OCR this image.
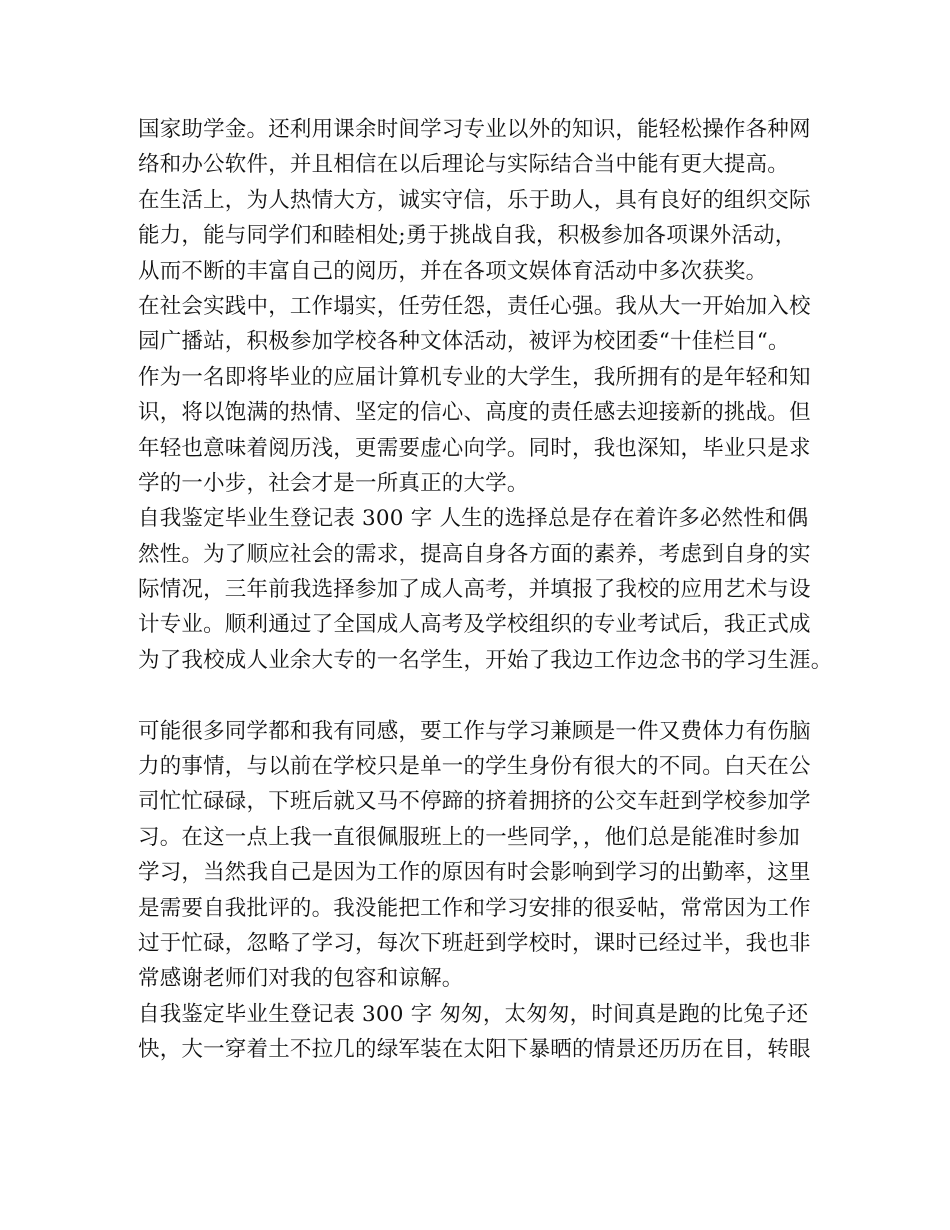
国家助学金。还利用课余时间学习专业以外的知识，能轻松操作各种网
络和办公软件，并且相信在以后理论与实际结合当中能有更大提高。
在生活上，为人热情大方，诚实守信，乐于助人，具有良好的组织交际
能力，能与同学们和睦相处;勇于挑战自我，积极参加各项课外活动，
从而不断的丰富自己的阅历，并在各项文娱体育活动中多次获奖。
在社会实践中，工作塌实，任劳任怨，责任心强。我从大一开始加入校
园广播站，积极参加学校各种文体活动，被评为校团委“十佳栏目“。
作为一名即将毕业的应届计算机专业的大学生，我所拥有的是年轻和知
识，将以饱满的热情、坚定的信心、高度的责任感去迎接新的挑战。但
年轻也意味着阅历浅，更需要虚心向学。同时，我也深知，毕业只是求
学的一小步，社会才是一所真正的大学。
自我鉴定毕业生登记表 300 字 人生的选择总是存在着许多必然性和偶
然性。为了顺应社会的需求，提高自身各方面的素养，考虑到自身的实
际情况，三年前我选择参加了成人高考，并填报了我校的应用艺术与设
计专业。顺利通过了全国成人高考及学校组织的专业考试后，我正式成
为了我校成人业余大专的一名学生，开始了我边工作边念书的学习生涯。
可能很多同学都和我有同感，要工作与学习兼顾是一件又费体力有伤脑
力的事情，与以前在学校只是单一的学生身份有很大的不同。白天在公
司忙忙碌碌，下班后就又马不停蹄的挤着拥挤的公交车赶到学校参加学
习。在这一点上我一直很佩服班上的一些同学，，他们总是能准时参加
学习，当然我自己是因为工作的原因有时会影响到学习的出勤率，这里
是需要自我批评的。我没能把工作和学习安排的很妥帖，常常因为工作
过于忙碌，忽略了学习，每次下班赶到学校时，课时已经过半，我也非
常感谢老师们对我的包容和谅解。
自我鉴定毕业生登记表 300 字 匆匆，太匆匆，时间真是跑的比兔子还
快，大一穿着土不拉几的绿军装在太阳下暴晒的情景还历历在目，转眼
